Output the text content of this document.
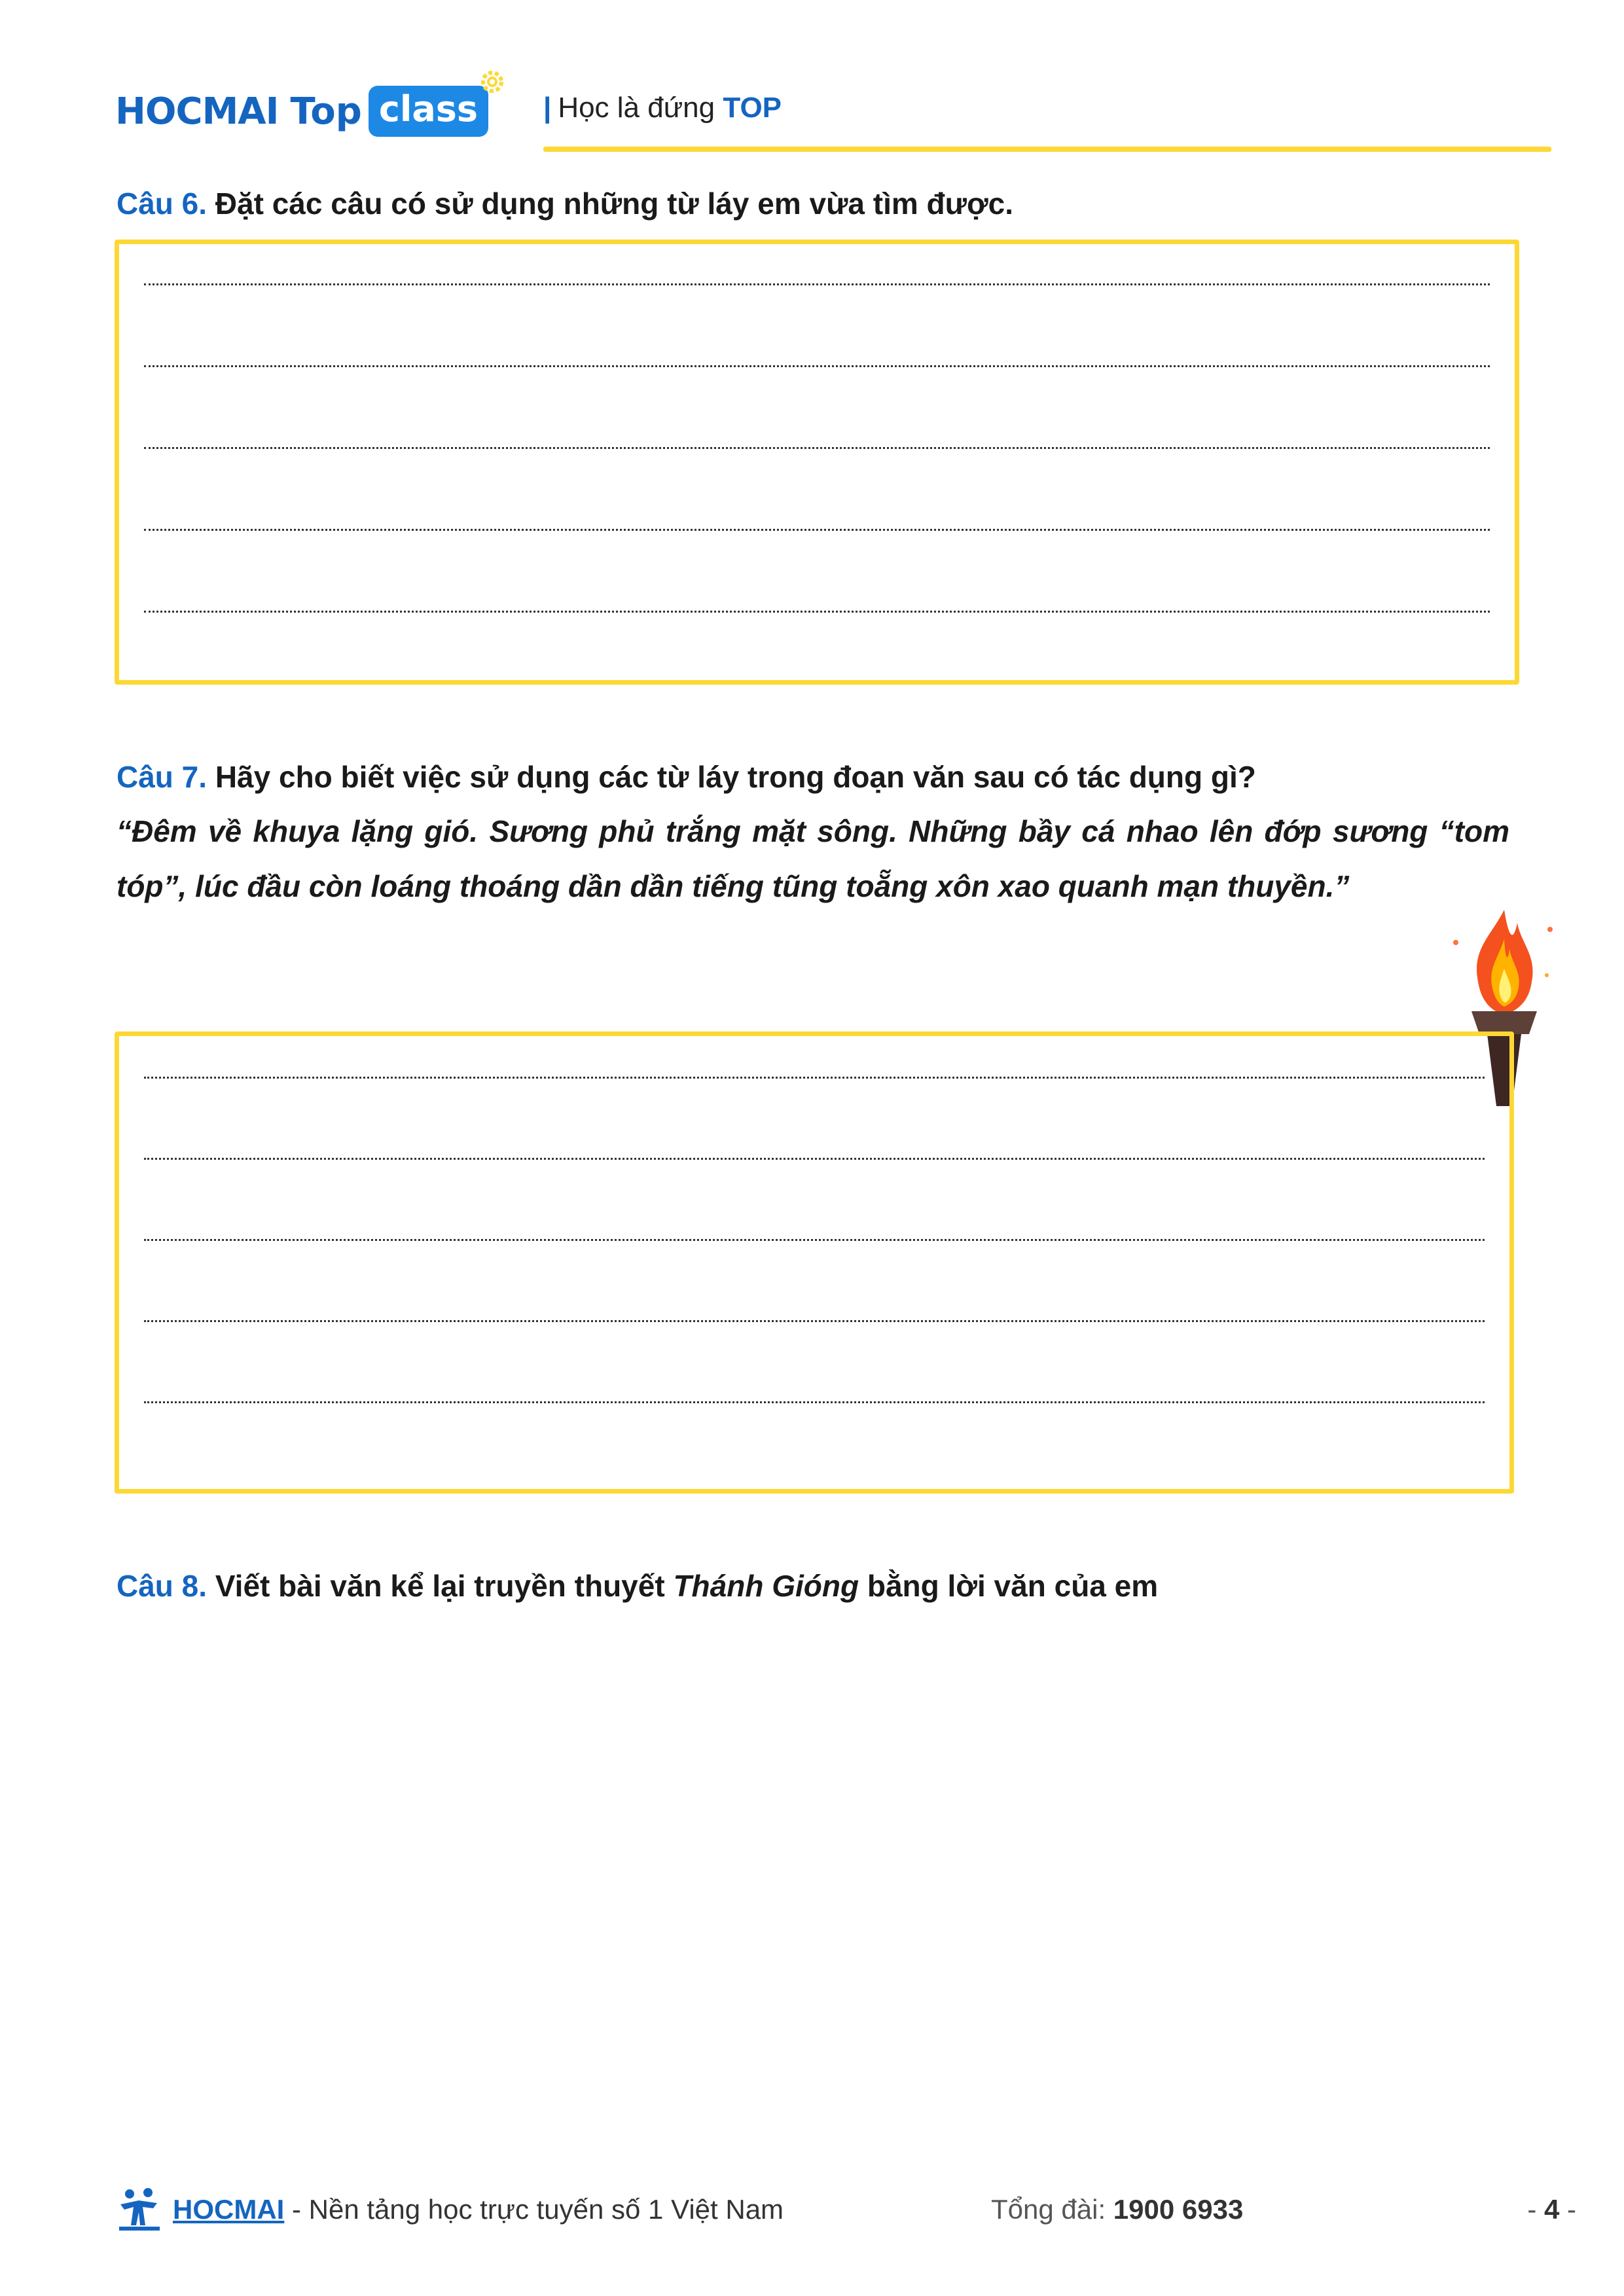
HOCMAI Top class	| Học là đứng TOP
Câu 6. Đặt các câu có sử dụng những từ láy em vừa tìm được.
Câu 7. Hãy cho biết việc sử dụng các từ láy trong đoạn văn sau có tác dụng gì?
“Đêm về khuya lặng gió. Sương phủ trắng mặt sông. Những bầy cá nhao lên đớp sương “tom tóp”, lúc đầu còn loáng thoáng dần dần tiếng tũng toẵng xôn xao quanh mạn thuyền.”
Câu 8. Viết bài văn kể lại truyền thuyết Thánh Gióng bằng lời văn của em
HOCMAI - Nền tảng học trực tuyến số 1 Việt Nam	Tổng đài: 1900 6933	- 4 -
